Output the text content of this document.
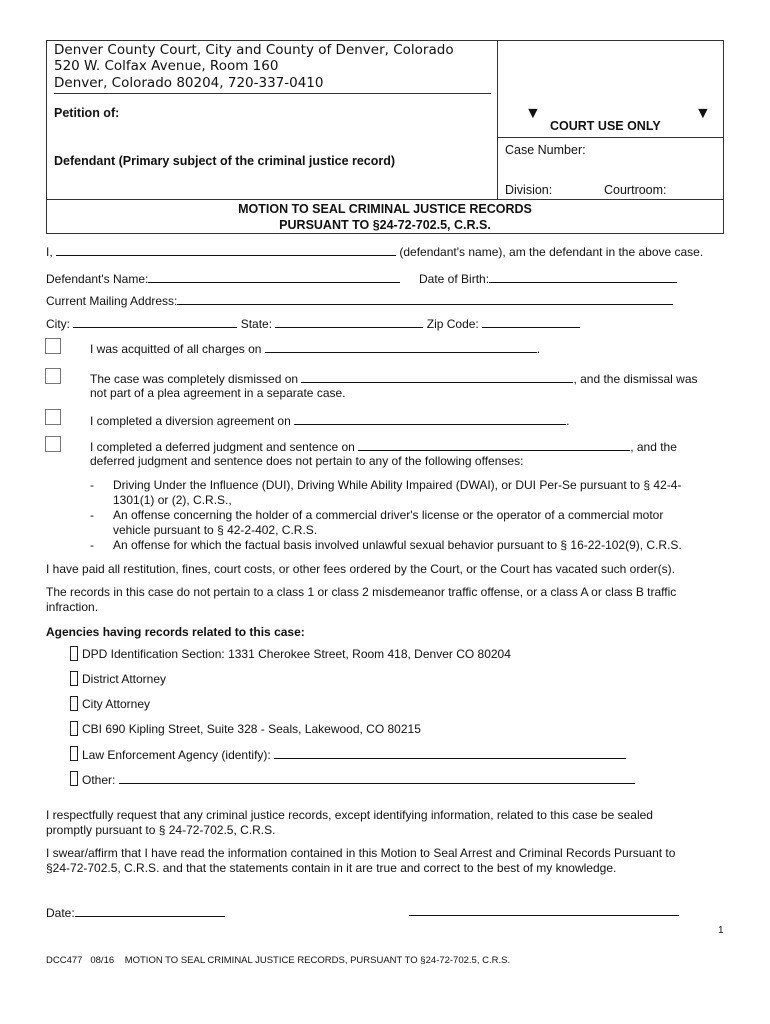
Denver County Court, City and County of Denver, Colorado
520 W. Colfax Avenue, Room 160
Denver, Colorado 80204, 720-337-0410
Petition of:
Defendant (Primary subject of the criminal justice record)
▼
COURT USE ONLY
▼
Case Number:
Division:	Courtroom:
MOTION TO SEAL CRIMINAL JUSTICE RECORDS
PURSUANT TO §24-72-702.5, C.R.S.
I,	(defendant's name), am the defendant in the above case.
Defendant's Name:	Date of Birth:
Current Mailing Address:
City:	State:	Zip Code:
I was acquitted of all charges on	.
The case was completely dismissed on	, and the dismissal was
not part of a plea agreement in a separate case.
I completed a diversion agreement on	.
I completed a deferred judgment and sentence on	, and the
deferred judgment and sentence does not pertain to any of the following offenses:
- Driving Under the Influence (DUI), Driving While Ability Impaired (DWAI), or DUI Per-Se pursuant to § 42-4-
1301(1) or (2), C.R.S.,
- An offense concerning the holder of a commercial driver's license or the operator of a commercial motor
vehicle pursuant to § 42-2-402, C.R.S.
- An offense for which the factual basis involved unlawful sexual behavior pursuant to § 16-22-102(9), C.R.S.
I have paid all restitution, fines, court costs, or other fees ordered by the Court, or the Court has vacated such order(s).
The records in this case do not pertain to a class 1 or class 2 misdemeanor traffic offense, or a class A or class B traffic
infraction.
Agencies having records related to this case:
DPD Identification Section: 1331 Cherokee Street, Room 418, Denver CO 80204
District Attorney
City Attorney
CBI 690 Kipling Street, Suite 328 - Seals, Lakewood, CO 80215
Law Enforcement Agency (identify):
Other:
I respectfully request that any criminal justice records, except identifying information, related to this case be sealed
promptly pursuant to § 24-72-702.5, C.R.S.
I swear/affirm that I have read the information contained in this Motion to Seal Arrest and Criminal Records Pursuant to
§24-72-702.5, C.R.S. and that the statements contain in it are true and correct to the best of my knowledge.
Date:
1
DCC477 08/16 MOTION TO SEAL CRIMINAL JUSTICE RECORDS, PURSUANT TO §24-72-702.5, C.R.S.
